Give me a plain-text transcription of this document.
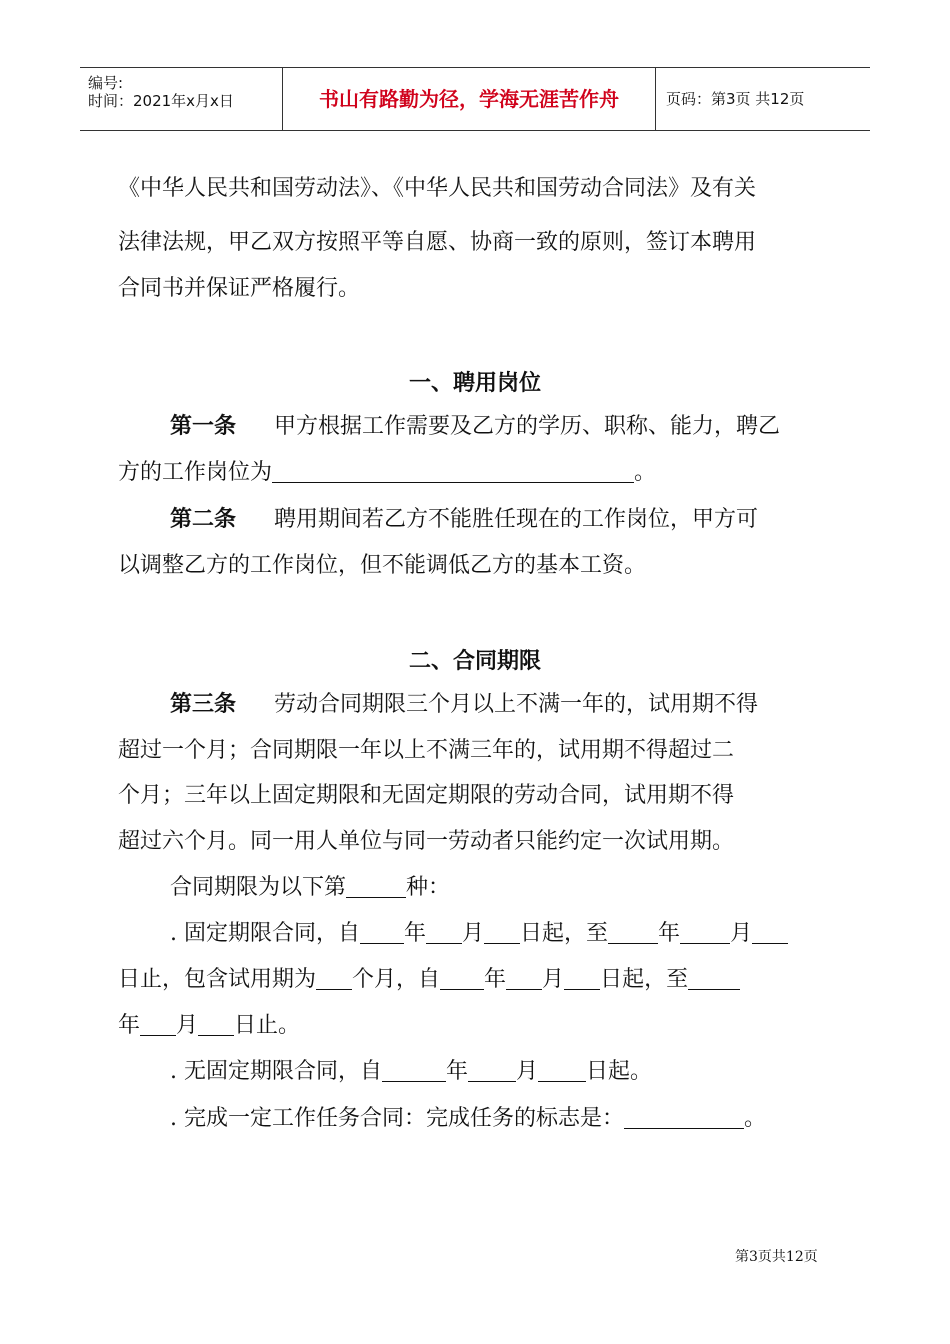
编号:
时间：2021年x月x日	书山有路勤为径，学海无涯苦作舟	页码：第3页 共12页
《中华人民共和国劳动法》、《中华人民共和国劳动合同法》及有关
法律法规，甲乙双方按照平等自愿、协商一致的原则，签订本聘用
合同书并保证严格履行。
一、聘用岗位
第一条 甲方根据工作需要及乙方的学历、职称、能力，聘乙
方的工作岗位为	。
第二条 聘用期间若乙方不能胜任现在的工作岗位，甲方可
以调整乙方的工作岗位，但不能调低乙方的基本工资。
二、合同期限
第三条 劳动合同期限三个月以上不满一年的，试用期不得
超过一个月；合同期限一年以上不满三年的，试用期不得超过二
个月；三年以上固定期限和无固定期限的劳动合同，试用期不得
超过六个月。同一用人单位与同一劳动者只能约定一次试用期。
合同期限为以下第	种：
. 固定期限合同，自 年 月 日起，至 年 月
日止，包含试用期为 个月，自 年 月 日起，至
年 月 日止。
. 无固定期限合同，自	年 月 日起。
. 完成一定工作任务合同：完成任务的标志是：	。
第3页共12页
